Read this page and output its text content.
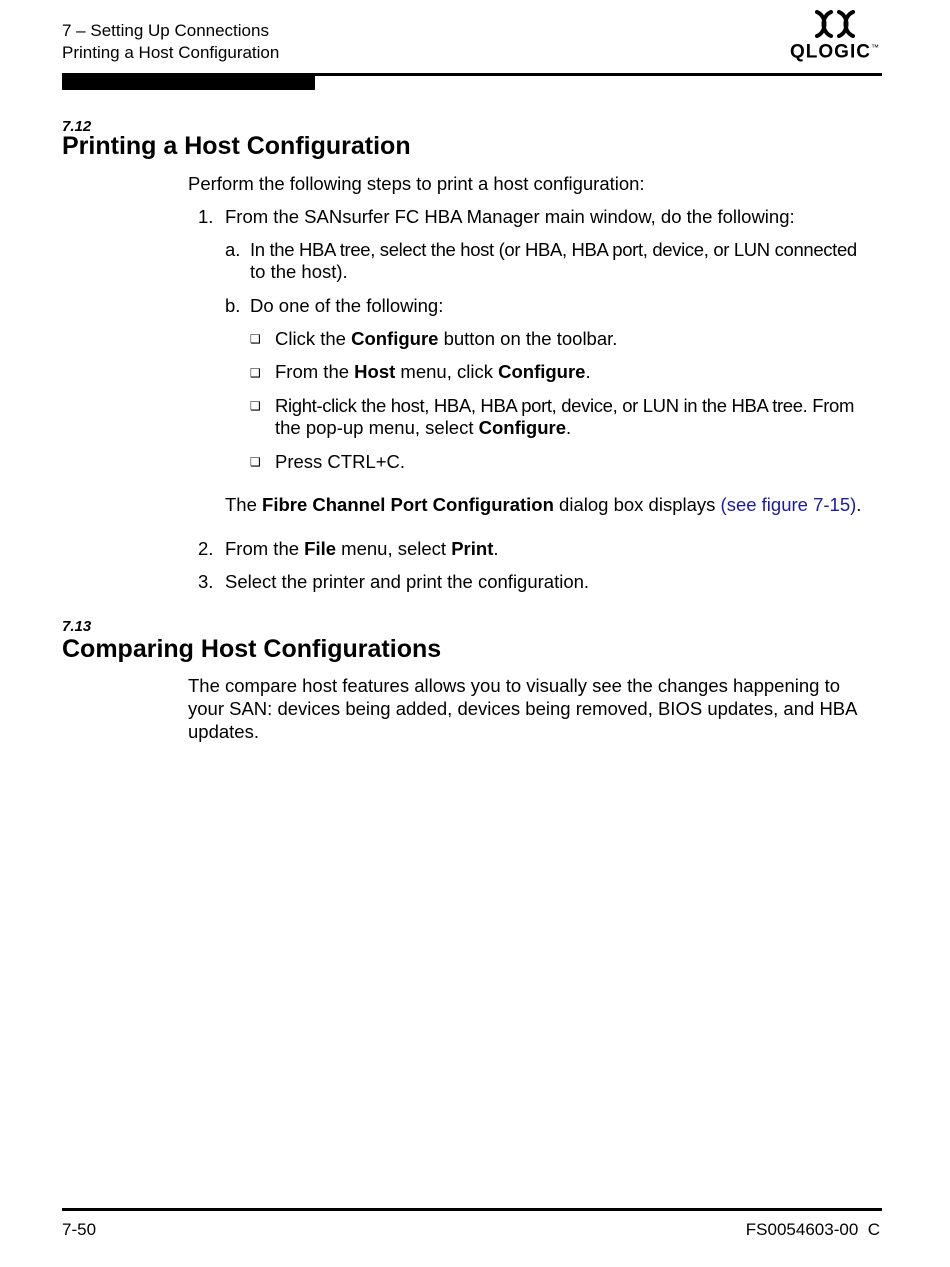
7 – Setting Up Connections
Printing a Host Configuration	QLOGIC™
7.12
Printing a Host Configuration
Perform the following steps to print a host configuration:
1. From the SANsurfer FC HBA Manager main window, do the following:
a. In the HBA tree, select the host (or HBA, HBA port, device, or LUN connected
to the host).
b. Do one of the following:
❑ Click the Configure button on the toolbar.
❑ From the Host menu, click Configure.
❑ Right-click the host, HBA, HBA port, device, or LUN in the HBA tree. From
the pop-up menu, select Configure.
❑ Press CTRL+C.
The Fibre Channel Port Configuration dialog box displays (see figure 7-15).
2. From the File menu, select Print.
3. Select the printer and print the configuration.
7.13
Comparing Host Configurations
The compare host features allows you to visually see the changes happening to
your SAN: devices being added, devices being removed, BIOS updates, and HBA
updates.
7-50	FS0054603-00  C
